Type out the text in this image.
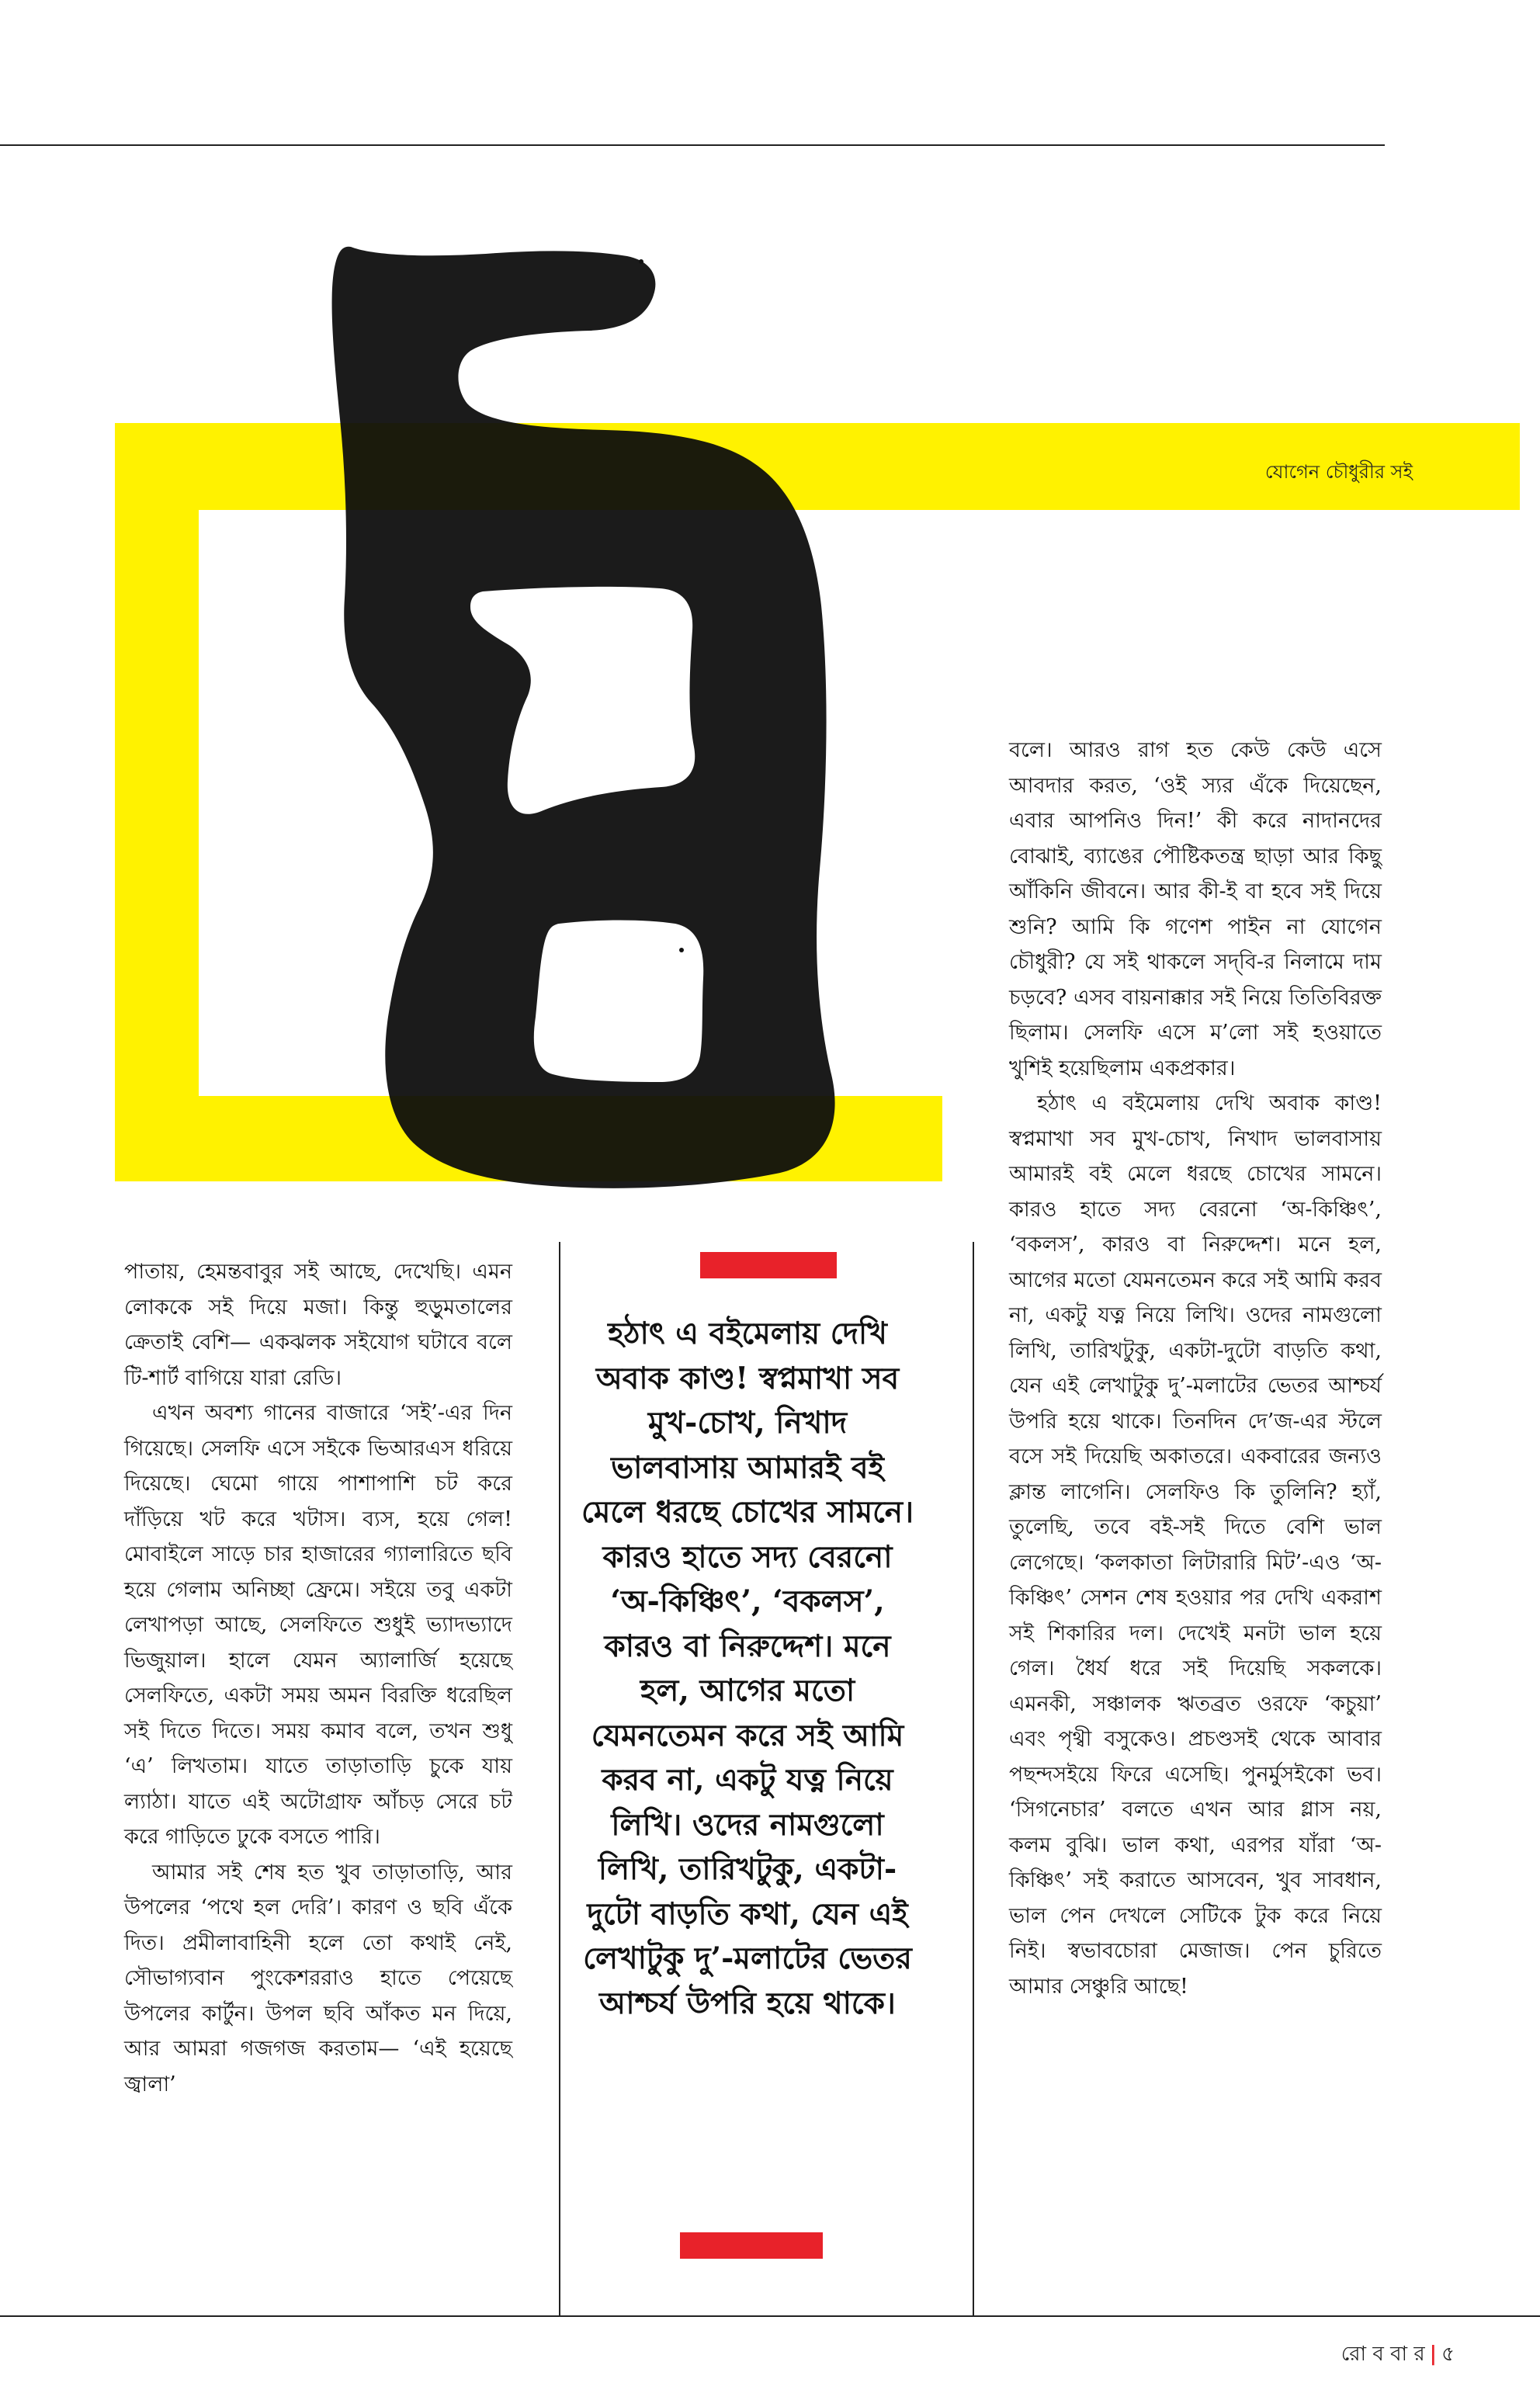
যোগেন চৌধুরীর সই

পাতায়, হেমন্তবাবুর সই আছে, দেখেছি। এমন লোককে সই দিয়ে মজা। কিন্তু হুড়ুমতালের ক্রেতাই বেশি— একঝলক সইযোগ ঘটাবে বলে টি-শার্ট বাগিয়ে যারা রেডি।

এখন অবশ্য গানের বাজারে ‘সই’-এর দিন গিয়েছে। সেলফি এসে সইকে ভিআরএস ধরিয়ে দিয়েছে। ঘেমো গায়ে পাশাপাশি চট করে দাঁড়িয়ে খট করে খটাস। ব্যস, হয়ে গেল! মোবাইলে সাড়ে চার হাজারের গ্যালারিতে ছবি হয়ে গেলাম অনিচ্ছা ফ্রেমে। সইয়ে তবু একটা লেখাপড়া আছে, সেলফিতে শুধুই ভ্যাদভ্যাদে ভিজুয়াল। হালে যেমন অ্যালার্জি হয়েছে সেলফিতে, একটা সময় অমন বিরক্তি ধরেছিল সই দিতে দিতে। সময় কমাব বলে, তখন শুধু ‘এ’ লিখতাম। যাতে তাড়াতাড়ি চুকে যায় ল্যাঠা। যাতে এই অটোগ্রাফ আঁচড় সেরে চট করে গাড়িতে ঢুকে বসতে পারি।

আমার সই শেষ হত খুব তাড়াতাড়ি, আর উপলের ‘পথে হল দেরি’। কারণ ও ছবি এঁকে দিত। প্রমীলাবাহিনী হলে তো কথাই নেই, সৌভাগ্যবান পুংকেশররাও হাতে পেয়েছে উপলের কার্টুন। উপল ছবি আঁকত মন দিয়ে, আর আমরা গজগজ করতাম— ‘এই হয়েছে জ্বালা’

হঠাৎ এ বইমেলায় দেখি অবাক কাণ্ড! স্বপ্নমাখা সব মুখ-চোখ, নিখাদ ভালবাসায় আমারই বই মেলে ধরছে চোখের সামনে। কারও হাতে সদ্য বেরনো ‘অ-কিঞ্চিৎ’, ‘বকলস’, কারও বা নিরুদ্দেশ। মনে হল, আগের মতো যেমনতেমন করে সই আমি করব না, একটু যত্ন নিয়ে লিখি। ওদের নামগুলো লিখি, তারিখটুকু, একটা-দুটো বাড়তি কথা, যেন এই লেখাটুকু দু’-মলাটের ভেতর আশ্চর্য উপরি হয়ে থাকে।

বলে। আরও রাগ হত কেউ কেউ এসে আবদার করত, ‘ওই স্যর এঁকে দিয়েছেন, এবার আপনিও দিন!’ কী করে নাদানদের বোঝাই, ব্যাঙের পৌষ্টিকতন্ত্র ছাড়া আর কিছু আঁকিনি জীবনে। আর কী-ই বা হবে সই দিয়ে শুনি? আমি কি গণেশ পাইন না যোগেন চৌধুরী? যে সই থাকলে সদ্‌বি-র নিলামে দাম চড়বে? এসব বায়নাক্কার সই নিয়ে তিতিবিরক্ত ছিলাম। সেলফি এসে ম’লো সই হওয়াতে খুশিই হয়েছিলাম একপ্রকার।

হঠাৎ এ বইমেলায় দেখি অবাক কাণ্ড! স্বপ্নমাখা সব মুখ-চোখ, নিখাদ ভালবাসায় আমারই বই মেলে ধরছে চোখের সামনে। কারও হাতে সদ্য বেরনো ‘অ-কিঞ্চিৎ’, ‘বকলস’, কারও বা নিরুদ্দেশ। মনে হল, আগের মতো যেমনতেমন করে সই আমি করব না, একটু যত্ন নিয়ে লিখি। ওদের নামগুলো লিখি, তারিখটুকু, একটা-দুটো বাড়তি কথা, যেন এই লেখাটুকু দু’-মলাটের ভেতর আশ্চর্য উপরি হয়ে থাকে। তিনদিন দে’জ-এর স্টলে বসে সই দিয়েছি অকাতরে। একবারের জন্যও ক্লান্ত লাগেনি। সেলফিও কি তুলিনি? হ্যাঁ, তুলেছি, তবে বই-সই দিতে বেশি ভাল লেগেছে। ‘কলকাতা লিটারারি মিট’-এও ‘অ-কিঞ্চিৎ’ সেশন শেষ হওয়ার পর দেখি একরাশ সই শিকারির দল। দেখেই মনটা ভাল হয়ে গেল। ধৈর্য ধরে সই দিয়েছি সকলকে। এমনকী, সঞ্চালক ঋতব্রত ওরফে ‘কচুয়া’ এবং পৃথ্বী বসুকেও। প্রচণ্ডসই থেকে আবার পছন্দসইয়ে ফিরে এসেছি। পুনর্মুসইকো ভব। ‘সিগনেচার’ বলতে এখন আর গ্লাস নয়, কলম বুঝি। ভাল কথা, এরপর যাঁরা ‘অ-কিঞ্চিৎ’ সই করাতে আসবেন, খুব সাবধান, ভাল পেন দেখলে সেটিকে টুক করে নিয়ে নিই। স্বভাবচোরা মেজাজ। পেন চুরিতে আমার সেঞ্চুরি আছে!

রো ব বা র | ৫
